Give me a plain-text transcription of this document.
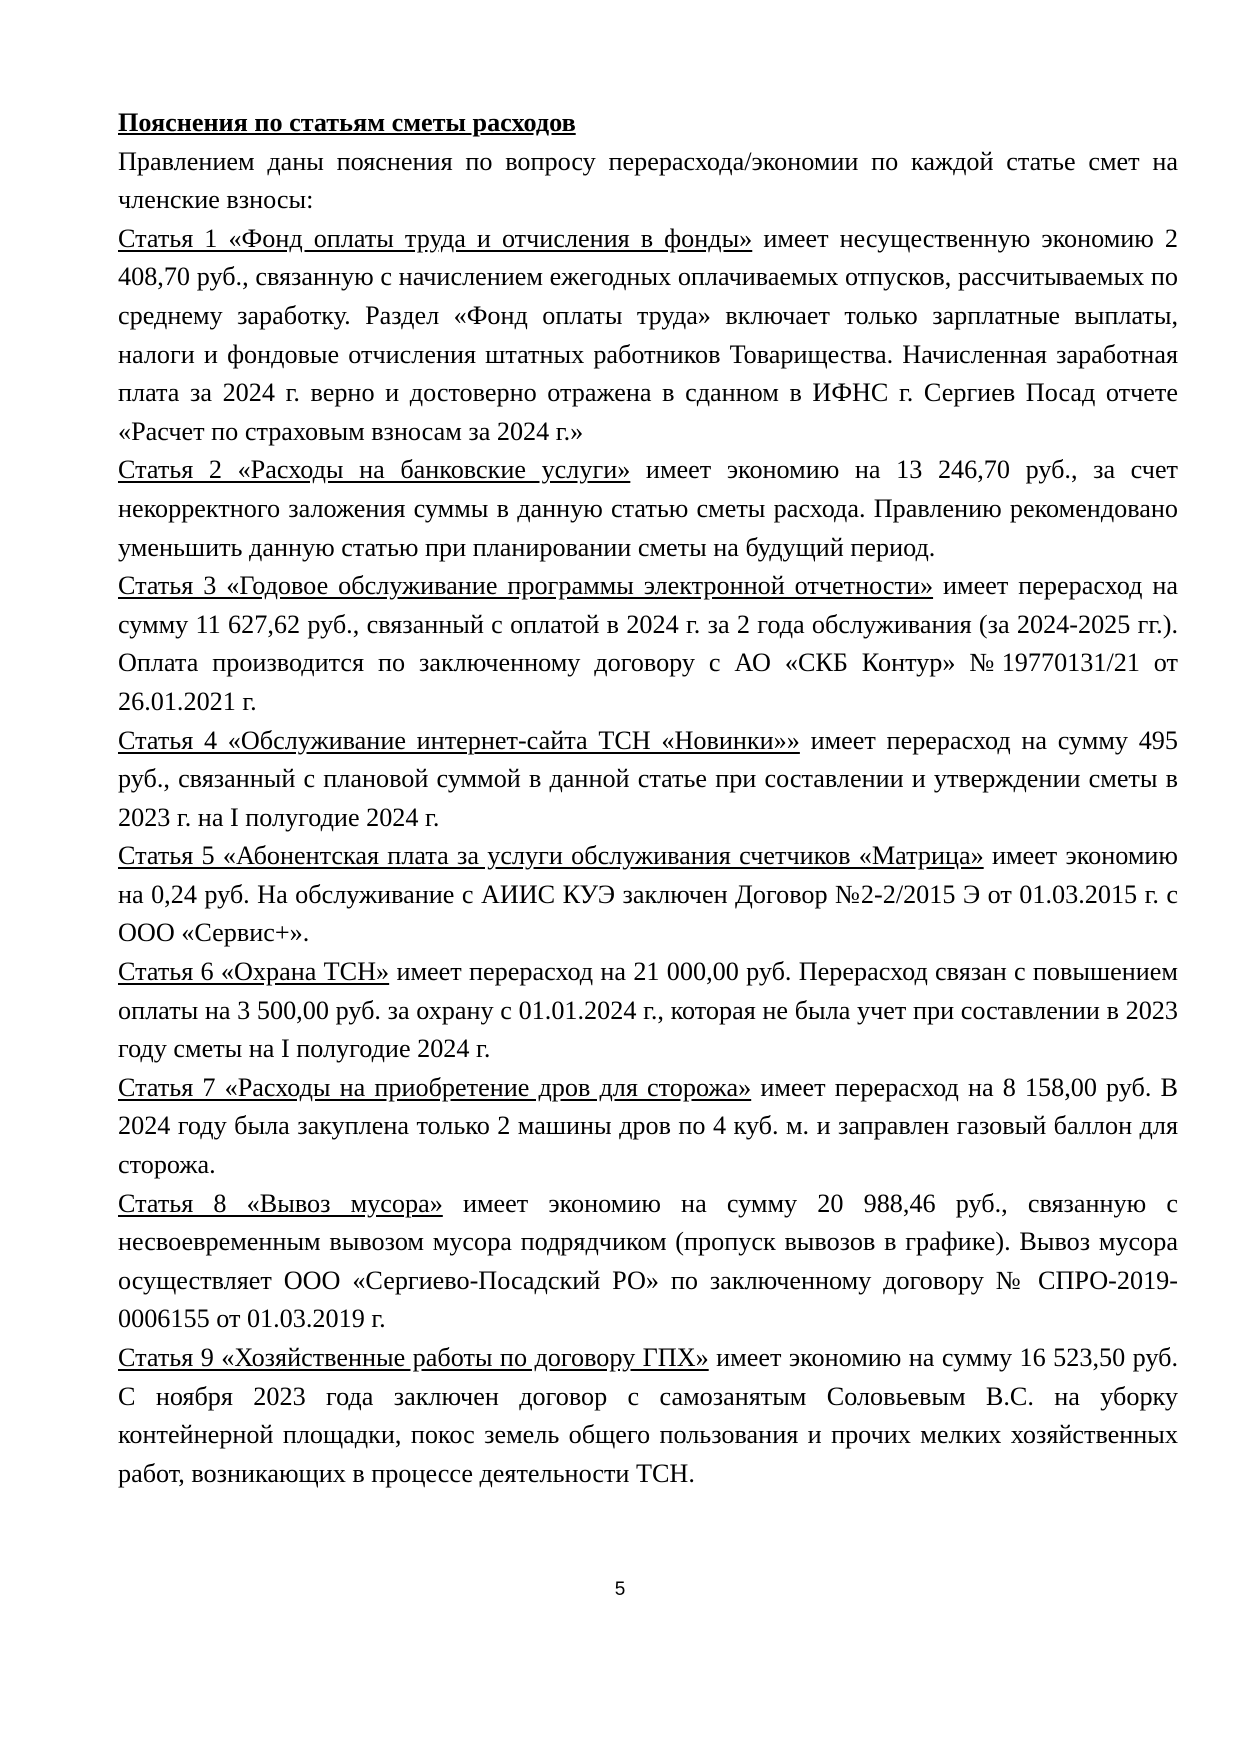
Пояснения по статьям сметы расходов

Правлением даны пояснения по вопросу перерасхода/экономии по каждой статье смет на членские взносы:

Статья 1 «Фонд оплаты труда и отчисления в фонды» имеет несущественную экономию 2 408,70 руб., связанную с начислением ежегодных оплачиваемых отпусков, рассчитываемых по среднему заработку. Раздел «Фонд оплаты труда» включает только зарплатные выплаты, налоги и фондовые отчисления штатных работников Товарищества. Начисленная заработная плата за 2024 г. верно и достоверно отражена в сданном в ИФНС г. Сергиев Посад отчете «Расчет по страховым взносам за 2024 г.»

Статья 2 «Расходы на банковские услуги» имеет экономию на 13 246,70 руб., за счет некорректного заложения суммы в данную статью сметы расхода. Правлению рекомендовано уменьшить данную статью при планировании сметы на будущий период.

Статья 3 «Годовое обслуживание программы электронной отчетности» имеет перерасход на сумму 11 627,62 руб., связанный с оплатой в 2024 г. за 2 года обслуживания (за 2024-2025 гг.). Оплата производится по заключенному договору с АО «СКБ Контур» №19770131/21 от 26.01.2021 г.

Статья 4 «Обслуживание интернет-сайта ТСН «Новинки»» имеет перерасход на сумму 495 руб., связанный с плановой суммой в данной статье при составлении и утверждении сметы в 2023 г. на I полугодие 2024 г.

Статья 5 «Абонентская плата за услуги обслуживания счетчиков «Матрица» имеет экономию на 0,24 руб. На обслуживание с АИИС КУЭ заключен Договор №2-2/2015 Э от 01.03.2015 г. с ООО «Сервис+».

Статья 6 «Охрана ТСН» имеет перерасход на 21 000,00 руб. Перерасход связан с повышением оплаты на 3 500,00 руб. за охрану с 01.01.2024 г., которая не была учет при составлении в 2023 году сметы на I полугодие 2024 г.

Статья 7 «Расходы на приобретение дров для сторожа» имеет перерасход на 8 158,00 руб. В 2024 году была закуплена только 2 машины дров по 4 куб. м. и заправлен газовый баллон для сторожа.

Статья 8 «Вывоз мусора» имеет экономию на сумму 20 988,46 руб., связанную с несвоевременным вывозом мусора подрядчиком (пропуск вывозов в графике). Вывоз мусора осуществляет ООО «Сергиево-Посадский РО» по заключенному договору № СПРО-2019-0006155 от 01.03.2019 г.

Статья 9 «Хозяйственные работы по договору ГПХ» имеет экономию на сумму 16 523,50 руб. С ноября 2023 года заключен договор с самозанятым Соловьевым В.С. на уборку контейнерной площадки, покос земель общего пользования и прочих мелких хозяйственных работ, возникающих в процессе деятельности ТСН.

5
